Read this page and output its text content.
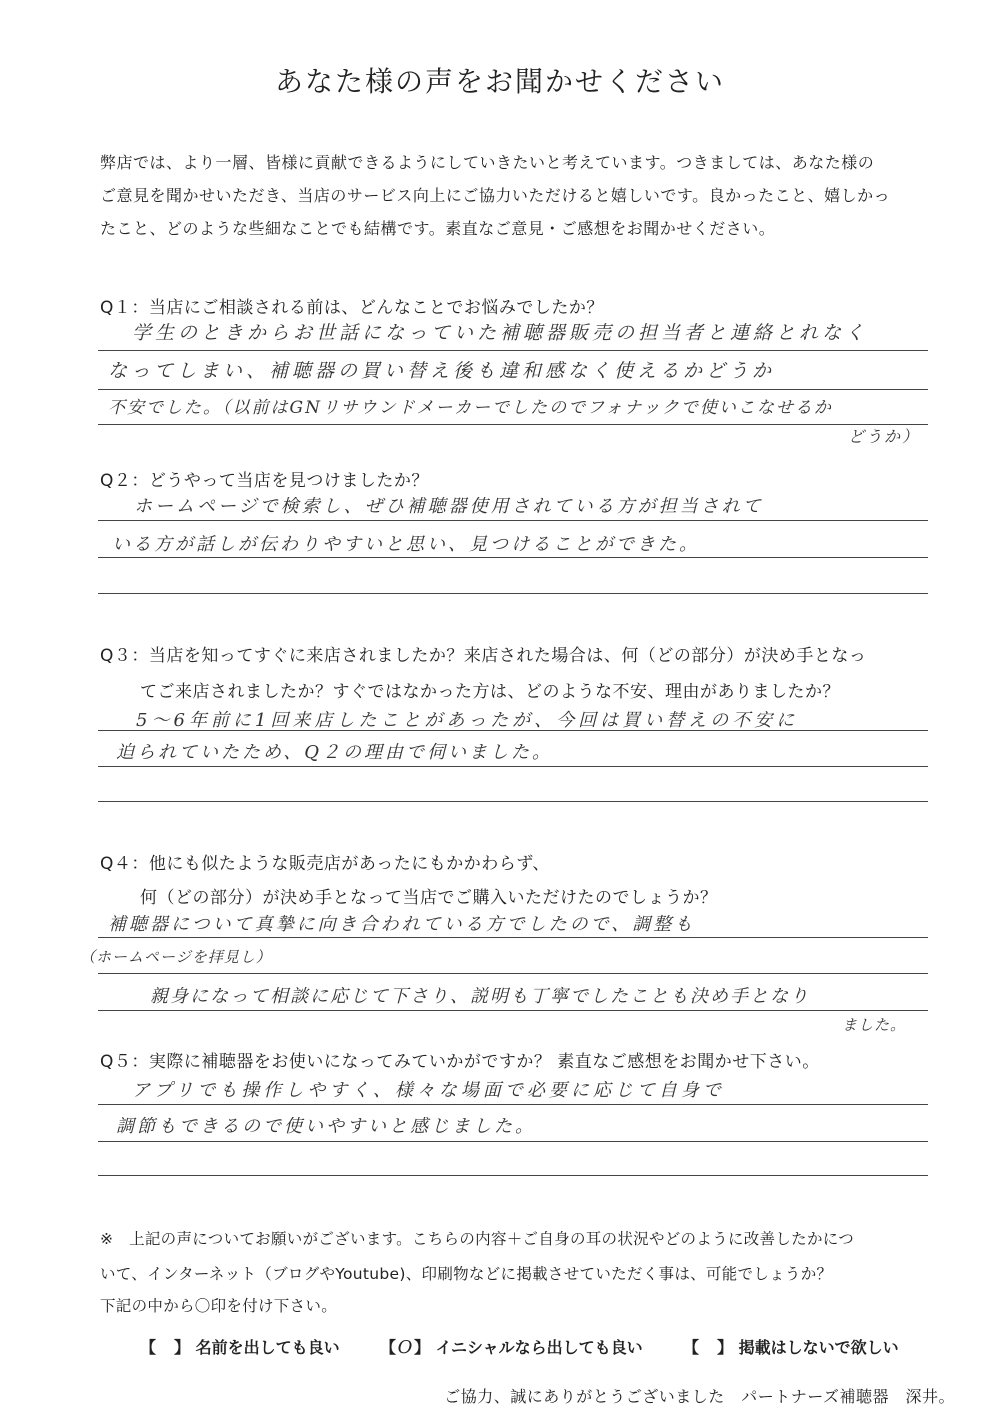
あなた様の声をお聞かせください
弊店では、より一層、皆様に貢献できるようにしていきたいと考えています。つきましては、あなた様の
ご意見を聞かせいただき、当店のサービス向上にご協力いただけると嬉しいです。良かったこと、嬉しかっ
たこと、どのような些細なことでも結構です。素直なご意見・ご感想をお聞かせください。
Q１：当店にご相談される前は、どんなことでお悩みでしたか？
学生のときからお世話になっていた補聴器販売の担当者と連絡とれなく
なってしまい、補聴器の買い替え後も違和感なく使えるかどうか
不安でした。（以前はGNリサウンドメーカーでしたのでフォナックで使いこなせるか
どうか）
Q２：どうやって当店を見つけましたか？
ホームページで検索し、ぜひ補聴器使用されている方が担当されて
いる方が話しが伝わりやすいと思い、見つけることができた。
Q３：当店を知ってすぐに来店されましたか？来店された場合は、何（どの部分）が決め手となっ
てご来店されましたか？すぐではなかった方は、どのような不安、理由がありましたか？
5〜6年前に1回来店したことがあったが、今回は買い替えの不安に
迫られていたため、Q２の理由で伺いました。
Q４：他にも似たような販売店があったにもかかわらず、
何（どの部分）が決め手となって当店でご購入いただけたのでしょうか？
補聴器について真摯に向き合われている方でしたので、調整も
（ホームページを拝見し）
親身になって相談に応じて下さり、説明も丁寧でしたことも決め手となり
ました。
Q５：実際に補聴器をお使いになってみていかがですか？ 素直なご感想をお聞かせ下さい。
アプリでも操作しやすく、様々な場面で必要に応じて自身で
調節もできるので使いやすいと感じました。
※　上記の声についてお願いがございます。こちらの内容＋ご自身の耳の状況やどのように改善したかにつ
いて、インターネット（ブログやYoutube)、印刷物などに掲載させていただく事は、可能でしょうか？
下記の中から〇印を付け下さい。
【 】 名前を出しても良い	【O 】 イニシャルなら出しても良い	【 】 掲載はしないで欲しい
ご協力、誠にありがとうございました　パートナーズ補聴器　深井。
